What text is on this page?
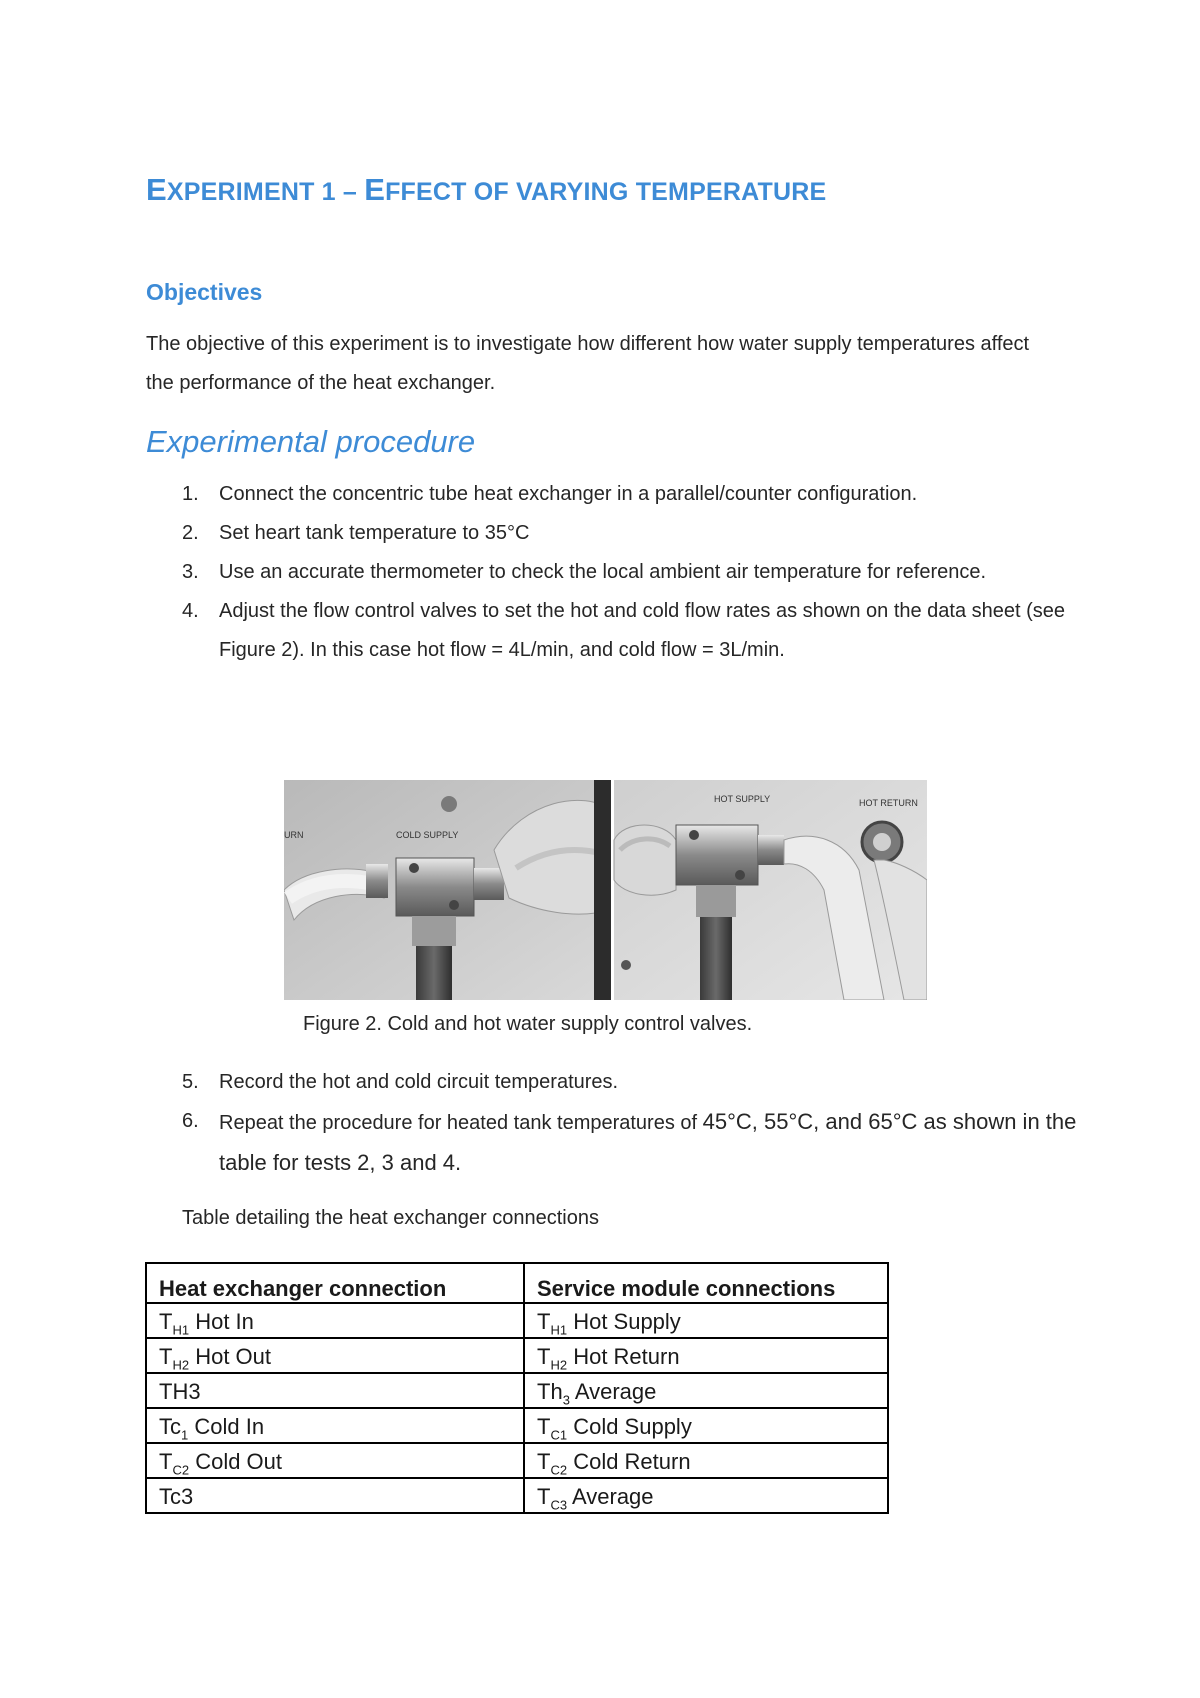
EXPERIMENT 1 – EFFECT OF VARYING TEMPERATURE
Objectives

The objective of this experiment is to investigate how different how water supply temperatures affect the performance of the heat exchanger.

Experimental procedure
1. Connect the concentric tube heat exchanger in a parallel/counter configuration.
2. Set heart tank temperature to 35°C
3. Use an accurate thermometer to check the local ambient air temperature for reference.
4. Adjust the flow control valves to set the hot and cold flow rates as shown on the data sheet (see Figure 2). In this case hot flow = 4L/min, and cold flow = 3L/min.
URN	COLD SUPPLY
HOT SUPPLY	HOT RETURN

Figure 2. Cold and hot water supply control valves.

5. Record the hot and cold circuit temperatures.
6. Repeat the procedure for heated tank temperatures of 45°C, 55°C, and 65°C as shown in the table for tests 2, 3 and 4.

Table detailing the heat exchanger connections

Heat exchanger connection	Service module connections
$T_{H1}$ Hot In	$T_{H1}$ Hot Supply
$T_{H2}$ Hot Out	$T_{H2}$ Hot Return
TH3	$Th_3$ Average
$Tc_1$ Cold In	$T_{C1}$ Cold Supply
$T_{C2}$ Cold Out	$T_{C2}$ Cold Return
Tc3	$T_{C3}$ Average
